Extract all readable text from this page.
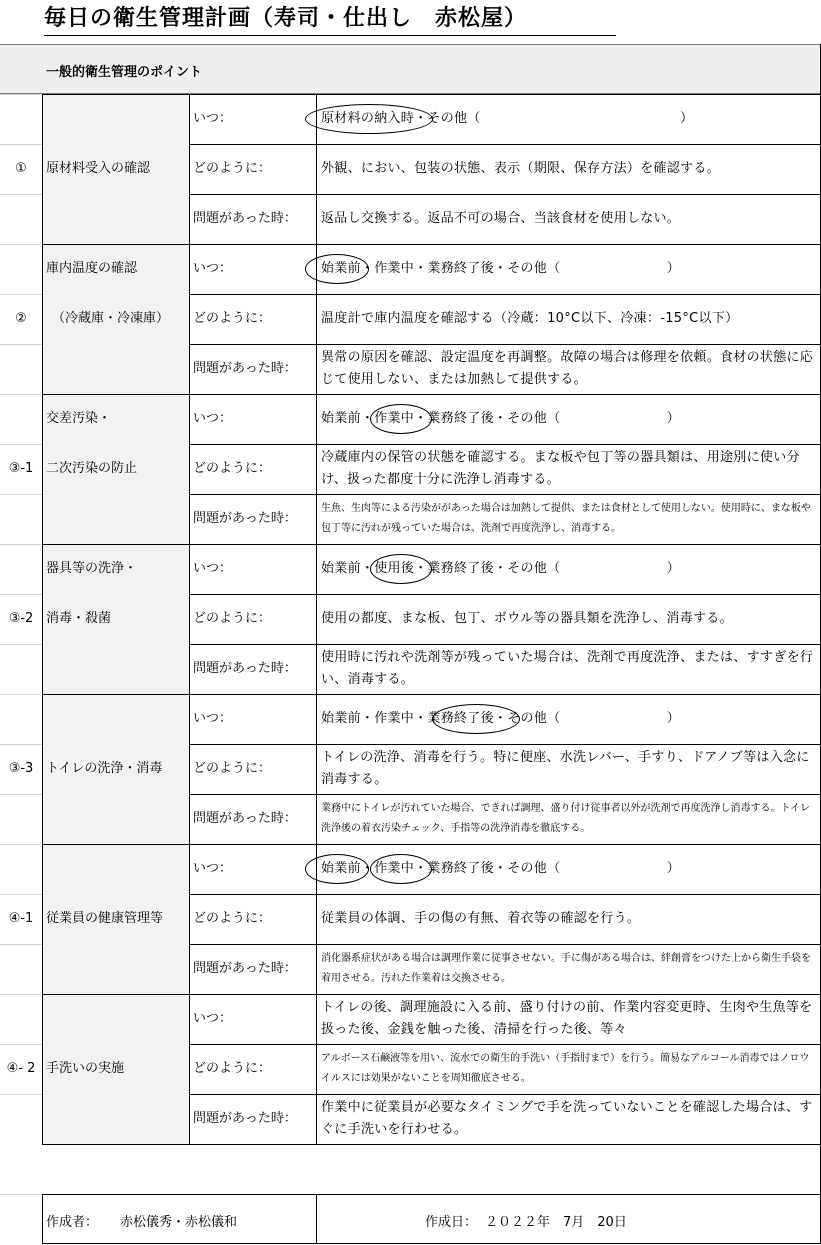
毎日の衛生管理計画（寿司・仕出し　赤松屋）
一般的衛生管理のポイント
①	原材料受入の確認
いつ：	原材料の納入時・その他（　　　　　　　　　　　　　　　）
どのように：	外観、におい、包装の状態、表示（期限、保存方法）を確認する。
問題があった時：	返品し交換する。返品不可の場合、当該食材を使用しない。
②
庫内温度の確認
（冷蔵庫・冷凍庫）
いつ：	始業前・作業中・業務終了後・その他（　　　　　　　　）
どのように：	温度計で庫内温度を確認する（冷蔵：10°C以下、冷凍：-15°C以下）
問題があった時：
異常の原因を確認、設定温度を再調整。故障の場合は修理を依頼。食材の状態に応じて使用しない、または加熱して提供する。
③-1
交差汚染・
二次汚染の防止
いつ：	始業前・作業中・業務終了後・その他（　　　　　　　　）
どのように：
冷蔵庫内の保管の状態を確認する。まな板や包丁等の器具類は、用途別に使い分け、扱った都度十分に洗浄し消毒する。
問題があった時：
生魚、生肉等による汚染ががあった場合は加熱して提供、または食材として使用しない。使用時に、まな板や包丁等に汚れが残っていた場合は、洗剤で再度洗浄し、消毒する。
③-2
器具等の洗浄・
消毒・殺菌
いつ：	始業前・使用後・業務終了後・その他（　　　　　　　　）
どのように：	使用の都度、まな板、包丁、ボウル等の器具類を洗浄し、消毒する。
問題があった時：
使用時に汚れや洗剤等が残っていた場合は、洗剤で再度洗浄、または、すすぎを行い、消毒する。
③-3 トイレの洗浄・消毒
いつ：	始業前・作業中・業務終了後・その他（　　　　　　　　）
どのように：
トイレの洗浄、消毒を行う。特に便座、水洗レバー、手すり、ドアノブ等は入念に消毒する。
問題があった時：
業務中にトイレが汚れていた場合、できれば調理、盛り付け従事者以外が洗剤で再度洗浄し消毒する。トイレ洗浄後の着衣汚染チェック、手指等の洗浄消毒を徹底する。
④-1 従業員の健康管理等
いつ：	始業前・作業中・業務終了後・その他（　　　　　　　　）
どのように：	従業員の体調、手の傷の有無、着衣等の確認を行う。
問題があった時：
消化器系症状がある場合は調理作業に従事させない。手に傷がある場合は、絆創膏をつけた上から衛生手袋を着用させる。汚れた作業着は交換させる。
④- 2 手洗いの実施
いつ：
トイレの後、調理施設に入る前、盛り付けの前、作業内容変更時、生肉や生魚等を扱った後、金銭を触った後、清掃を行った後、等々
どのように：
アルボース石鹸液等を用い、流水での衛生的手洗い（手指肘まで）を行う。簡易なアルコール消毒ではノロウイルスには効果がないことを周知徹底させる。
問題があった時：
作業中に従業員が必要なタイミングで手を洗っていないことを確認した場合は、すぐに手洗いを行わせる。
作成者： 赤松儀秀・赤松儀和	作成日： ２０２２年　7月　20日
